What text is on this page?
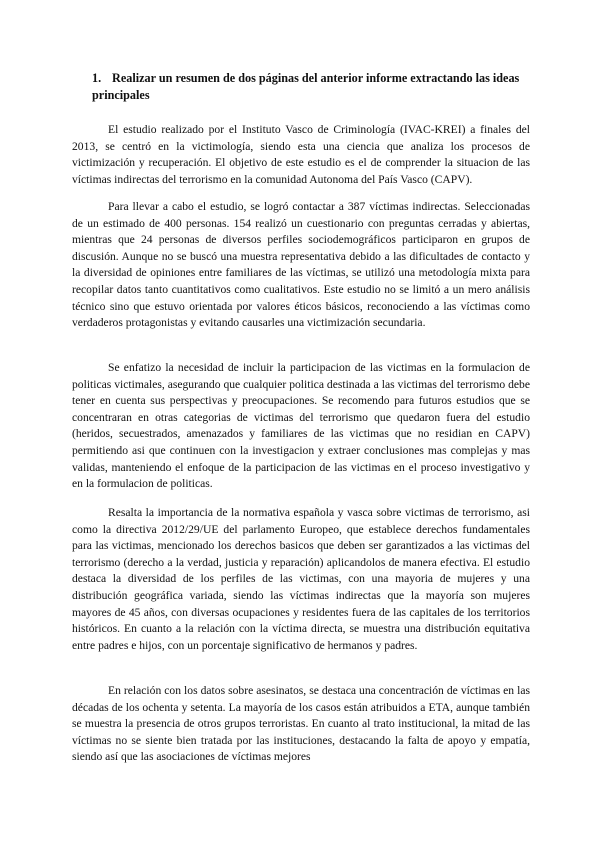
1. Realizar un resumen de dos páginas del anterior informe extractando las ideas principales

El estudio realizado por el Instituto Vasco de Criminología (IVAC-KREI) a finales del 2013, se centró en la victimología, siendo esta una ciencia que analiza los procesos de victimización y recuperación. El objetivo de este estudio es el de comprender la situacion de las víctimas indirectas del terrorismo en la comunidad Autonoma del País Vasco (CAPV).

Para llevar a cabo el estudio, se logró contactar a 387 víctimas indirectas. Seleccionadas de un estimado de 400 personas. 154 realizó un cuestionario con preguntas cerradas y abiertas, mientras que 24 personas de diversos perfiles sociodemográficos participaron en grupos de discusión. Aunque no se buscó una muestra representativa debido a las dificultades de contacto y la diversidad de opiniones entre familiares de las víctimas, se utilizó una metodología mixta para recopilar datos tanto cuantitativos como cualitativos. Este estudio no se limitó a un mero análisis técnico sino que estuvo orientada por valores éticos básicos, reconociendo a las víctimas como verdaderos protagonistas y evitando causarles una victimización secundaria.

Se enfatizo la necesidad de incluir la participacion de las victimas en la formulacion de politicas victimales, asegurando que cualquier politica destinada a las victimas del terrorismo debe tener en cuenta sus perspectivas y preocupaciones. Se recomendo para futuros estudios que se concentraran en otras categorias de victimas del terrorismo que quedaron fuera del estudio (heridos, secuestrados, amenazados y familiares de las victimas que no residian en CAPV) permitiendo asi que continuen con la investigacion y extraer conclusiones mas complejas y mas validas, manteniendo el enfoque de la participacion de las victimas en el proceso investigativo y en la formulacion de politicas.

Resalta la importancia de la normativa española y vasca sobre victimas de terrorismo, asi como la directiva 2012/29/UE del parlamento Europeo, que establece derechos fundamentales para las victimas, mencionado los derechos basicos que deben ser garantizados a las victimas del terrorismo (derecho a la verdad, justicia y reparación) aplicandolos de manera efectiva. El estudio destaca la diversidad de los perfiles de las victimas, con una mayoria de mujeres y una distribución geográfica variada, siendo las víctimas indirectas que la mayoría son mujeres mayores de 45 años, con diversas ocupaciones y residentes fuera de las capitales de los territorios históricos. En cuanto a la relación con la víctima directa, se muestra una distribución equitativa entre padres e hijos, con un porcentaje significativo de hermanos y padres.

En relación con los datos sobre asesinatos, se destaca una concentración de víctimas en las décadas de los ochenta y setenta. La mayoría de los casos están atribuidos a ETA, aunque también se muestra la presencia de otros grupos terroristas. En cuanto al trato institucional, la mitad de las víctimas no se siente bien tratada por las instituciones, destacando la falta de apoyo y empatía, siendo así que las asociaciones de víctimas mejores
